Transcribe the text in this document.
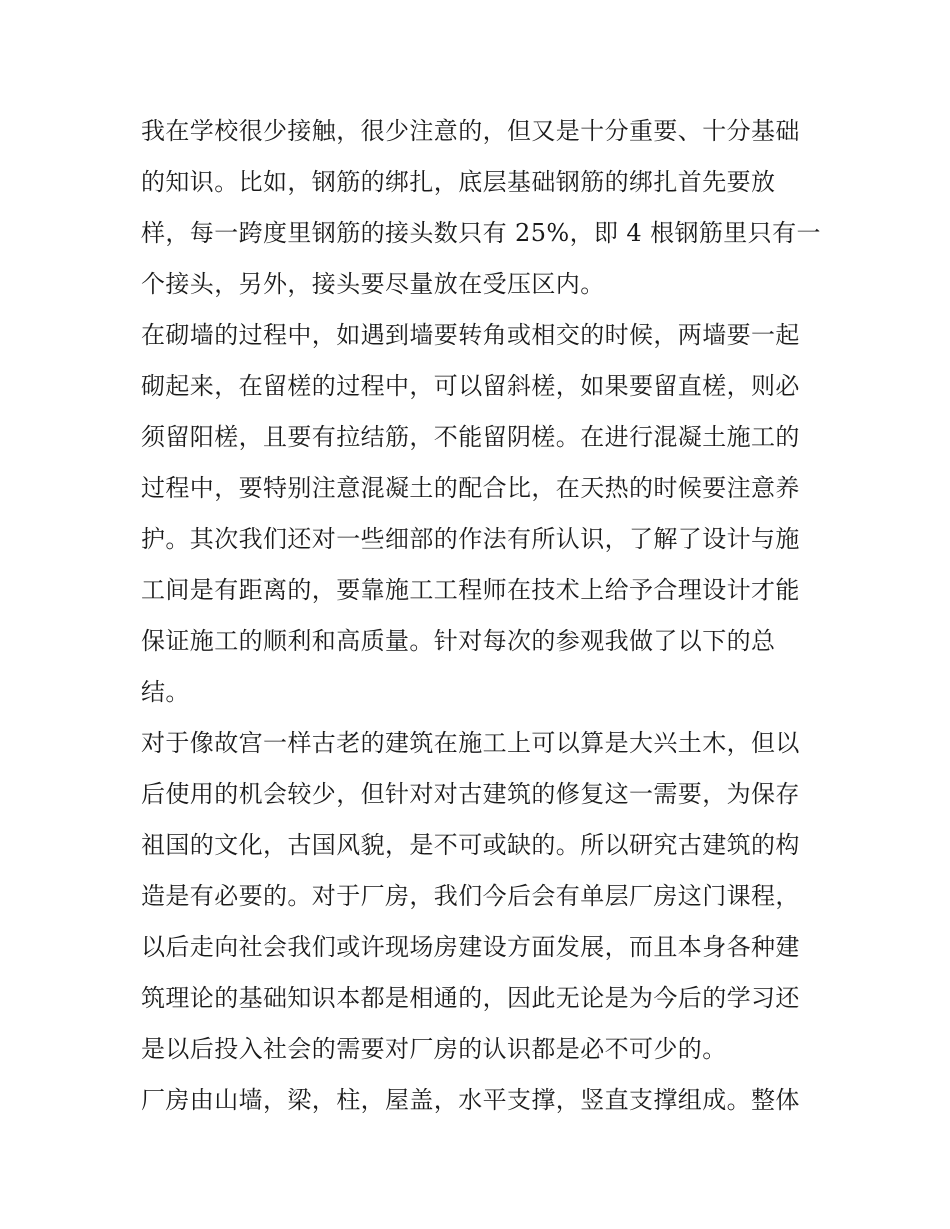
我在学校很少接触，很少注意的，但又是十分重要、十分基础
的知识。比如，钢筋的绑扎，底层基础钢筋的绑扎首先要放
样，每一跨度里钢筋的接头数只有 25%，即 4 根钢筋里只有一
个接头，另外，接头要尽量放在受压区内。
在砌墙的过程中，如遇到墙要转角或相交的时候，两墙要一起
砌起来，在留槎的过程中，可以留斜槎，如果要留直槎，则必
须留阳槎，且要有拉结筋，不能留阴槎。在进行混凝土施工的
过程中，要特别注意混凝土的配合比，在天热的时候要注意养
护。其次我们还对一些细部的作法有所认识，了解了设计与施
工间是有距离的，要靠施工工程师在技术上给予合理设计才能
保证施工的顺利和高质量。针对每次的参观我做了以下的总
结。
对于像故宫一样古老的建筑在施工上可以算是大兴土木，但以
后使用的机会较少，但针对对古建筑的修复这一需要，为保存
祖国的文化，古国风貌，是不可或缺的。所以研究古建筑的构
造是有必要的。对于厂房，我们今后会有单层厂房这门课程，
以后走向社会我们或许现场房建设方面发展，而且本身各种建
筑理论的基础知识本都是相通的，因此无论是为今后的学习还
是以后投入社会的需要对厂房的认识都是必不可少的。
厂房由山墙，梁，柱，屋盖，水平支撑，竖直支撑组成。整体
